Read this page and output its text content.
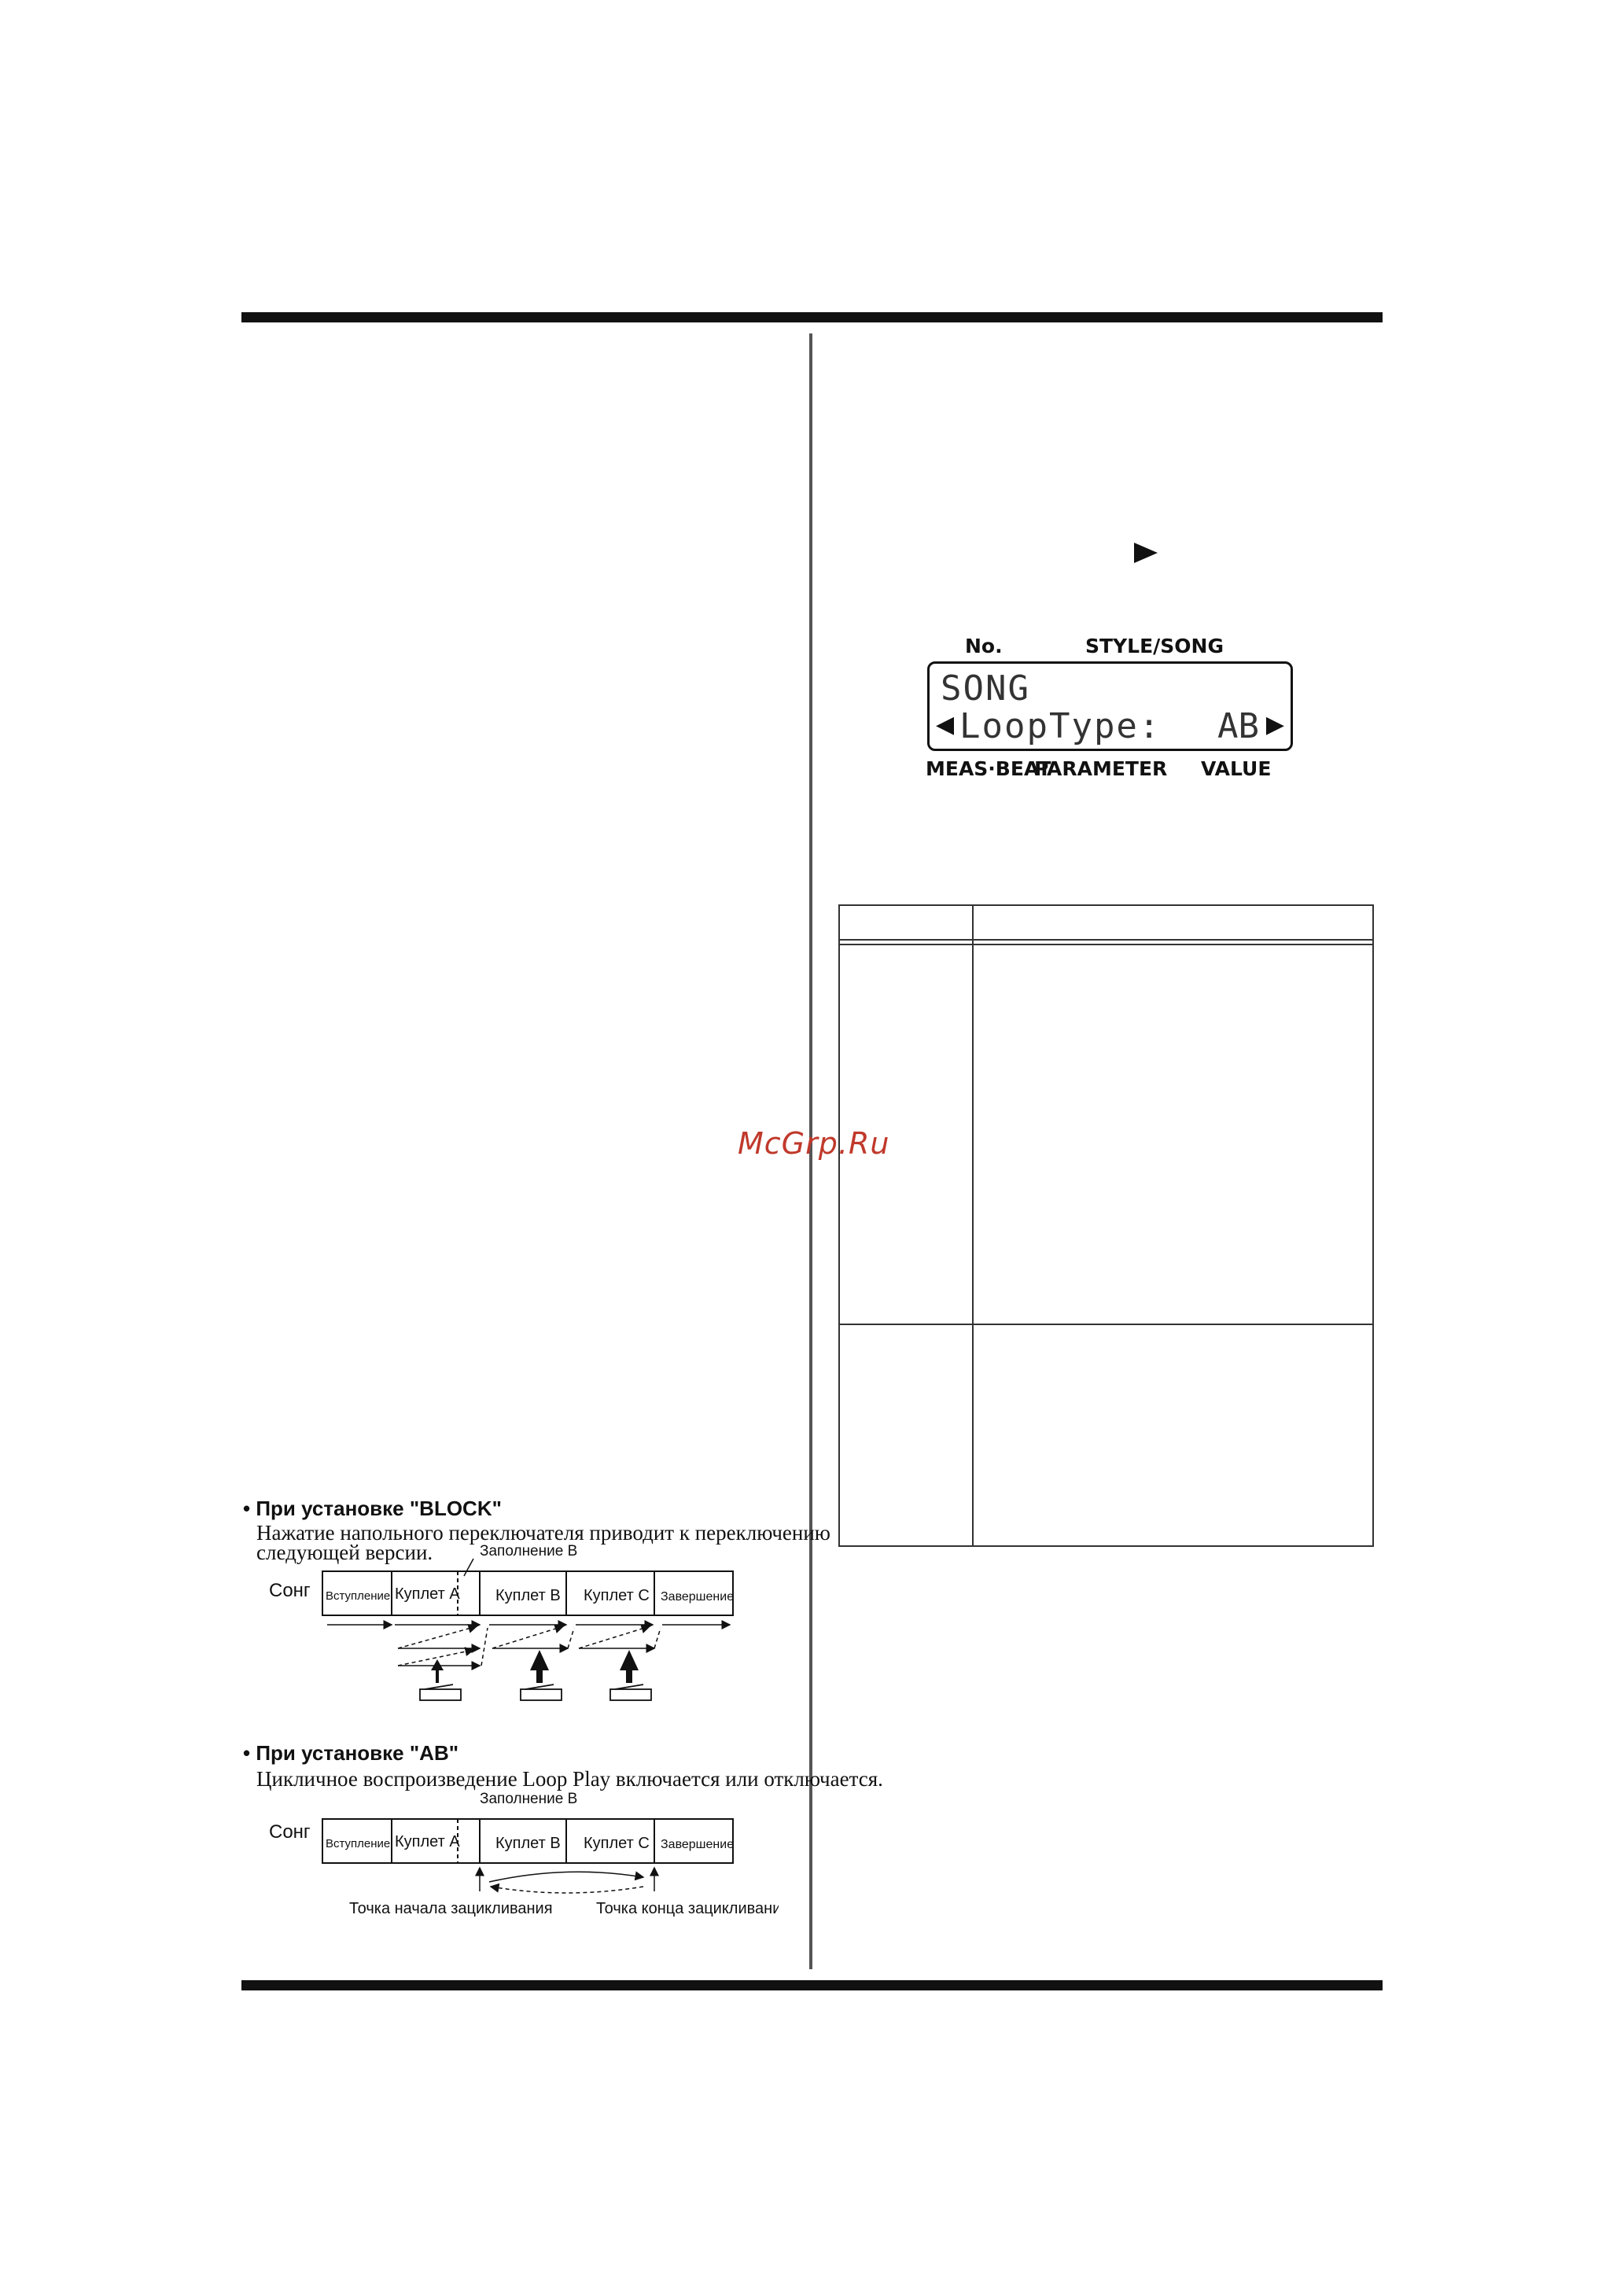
No.	STYLE/SONG
SONG
◀ LoopType: AB ▶
MEAS·BEAT
PARAMETER VALUE
McGrp.Ru
• При установке "BLOCK"
Нажатие напольного переключателя приводит к переключению
следующей версии.
Сонг
Заполнение B
Вступление Куплет A Куплет B Куплет C Завершение
• При установке "AB"
Цикличное воспроизведение Loop Play включается или отключается.
Сонг
Заполнение B
Вступление Куплет A Куплет B Куплет C Завершение
Точка начала зацикливания	Точка конца зацикливания
